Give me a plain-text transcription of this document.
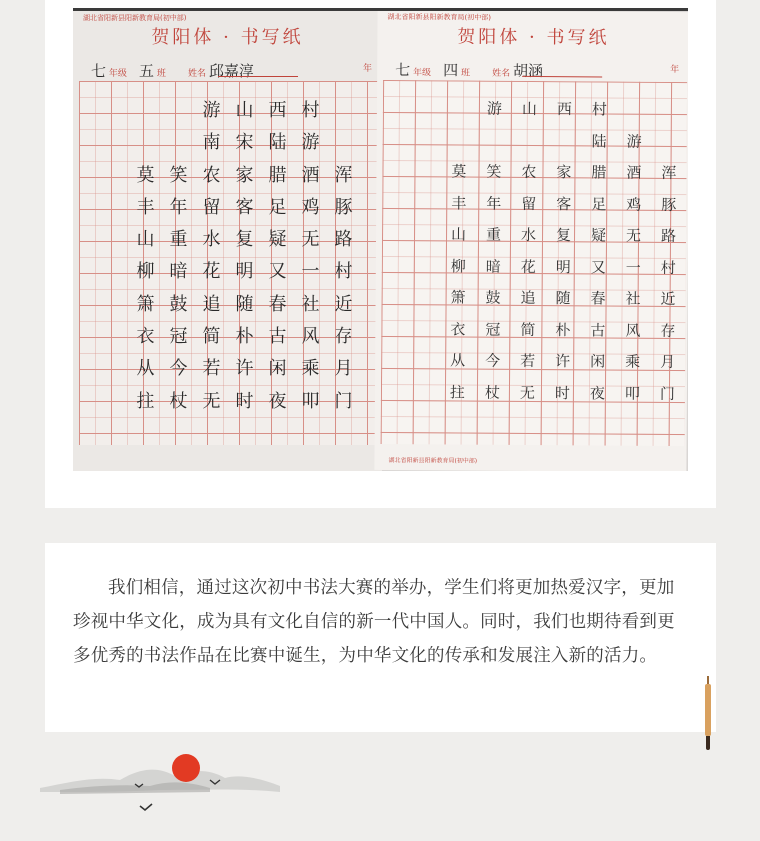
湖北省阳新县阳新教育局(初中部)
贺阳体 · 书写纸
七 年级 五 班 姓名 邱嘉淳	年
游 山 西 村
南 宋 陆 游
莫 笑 农 家 腊 酒 浑
丰 年 留 客 足 鸡 豚
山 重 水 复 疑 无 路
柳 暗 花 明 又 一 村
箫 鼓 追 随 春 社 近
衣 冠 简 朴 古 风 存
从 今 若 许 闲 乘 月
拄 杖 无 时 夜 叩 门
湖北省阳新县阳新教育局(初中部)
贺阳体 · 书写纸
七 年级 四 班 姓名 胡涵	年
游 山 西 村
陆 游
莫 笑 农 家 腊 酒 浑
丰 年 留 客 足 鸡 豚
山 重 水 复 疑 无 路
柳 暗 花 明 又 一 村
箫 鼓 追 随 春 社 近
衣 冠 简 朴 古 风 存
从 今 若 许 闲 乘 月
拄 杖 无 时 夜 叩 门
湖北省阳新县阳新教育局(初中部)

我们相信，通过这次初中书法大赛的举办，学生们将更加热爱汉字，更加珍视中华文化，成为具有文化自信的新一代中国人。同时，我们也期待看到更多优秀的书法作品在比赛中诞生，为中华文化的传承和发展注入新的活力。
